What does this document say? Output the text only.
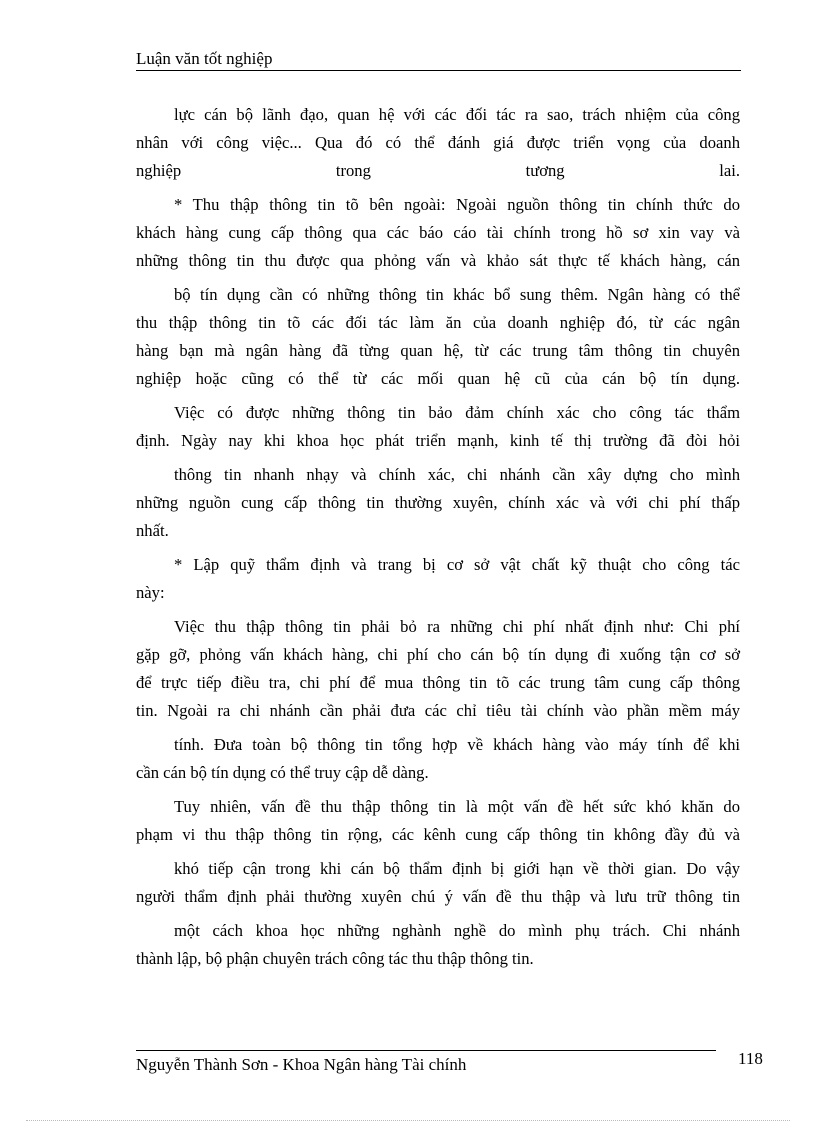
Luận văn tốt nghiệp
lực cán bộ lãnh đạo, quan hệ với các đối tác ra sao, trách nhiệm của công
nhân với công việc... Qua đó có thể đánh giá được triển vọng của doanh
nghiệp trong tương lai.
* Thu thập thông tin tõ bên ngoài: Ngoài nguồn thông tin chính thức do
khách hàng cung cấp thông qua các báo cáo tài chính trong hồ sơ xin vay và
những thông tin thu được qua phỏng vấn và khảo sát thực tế khách hàng, cán
bộ tín dụng cần có những thông tin khác bổ sung thêm. Ngân hàng có thể
thu thập thông tin tõ các đối tác làm ăn của doanh nghiệp đó, từ các ngân
hàng bạn mà ngân hàng đã từng quan hệ, từ các trung tâm thông tin chuyên
nghiệp hoặc cũng có thể từ các mối quan hệ cũ của cán bộ tín dụng.
Việc có được những thông tin bảo đảm chính xác cho công tác thẩm
định. Ngày nay khi khoa học phát triển mạnh, kinh tế thị trường đã đòi hỏi
thông tin nhanh nhạy và chính xác, chi nhánh cần xây dựng cho mình
những nguồn cung cấp thông tin thường xuyên, chính xác và với chi phí thấp
nhất.
* Lập quỹ thẩm định và trang bị cơ sở vật chất kỹ thuật cho công tác
này:
Việc thu thập thông tin phải bỏ ra những chi phí nhất định như: Chi phí
gặp gỡ, phỏng vấn khách hàng, chi phí cho cán bộ tín dụng đi xuống tận cơ sở
để trực tiếp điều tra, chi phí để mua thông tin tõ các trung tâm cung cấp thông
tin. Ngoài ra chi nhánh cần phải đưa các chỉ tiêu tài chính vào phần mềm máy
tính. Đưa toàn bộ thông tin tổng hợp về khách hàng vào máy tính để khi
cần cán bộ tín dụng có thể truy cập dễ dàng.
Tuy nhiên, vấn đề thu thập thông tin là một vấn đề hết sức khó khăn do
phạm vi thu thập thông tin rộng, các kênh cung cấp thông tin không đầy đủ và
khó tiếp cận trong khi cán bộ thẩm định bị giới hạn về thời gian. Do vậy
người thẩm định phải thường xuyên chú ý vấn đề thu thập và lưu trữ thông tin
một cách khoa học những nghành nghề do mình phụ trách. Chi nhánh
thành lập, bộ phận chuyên trách công tác thu thập thông tin.
Nguyễn Thành Sơn - Khoa Ngân hàng Tài chính	118
